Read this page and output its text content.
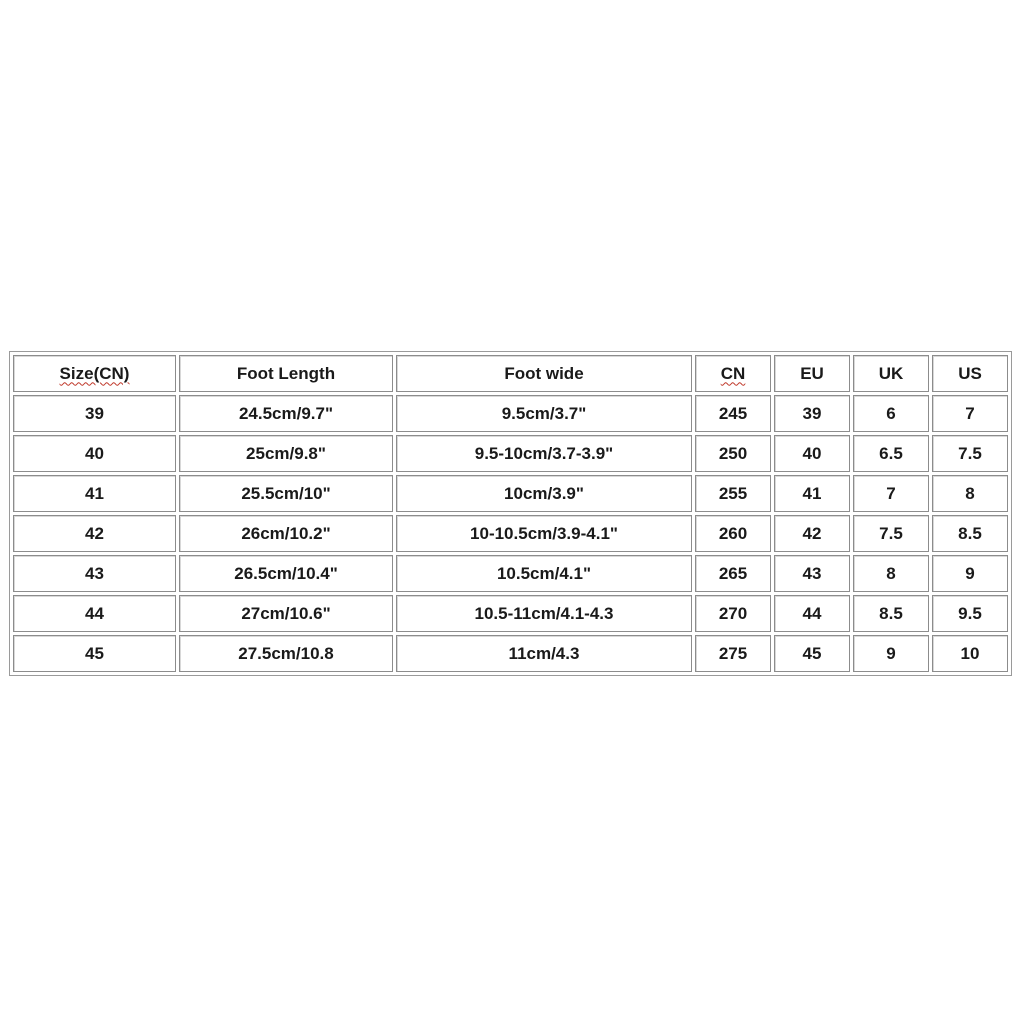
Size(CN)	Foot Length	Foot wide	CN	EU	UK	US
39	24.5cm/9.7"	9.5cm/3.7"	245	39	6	7
40	25cm/9.8"	9.5-10cm/3.7-3.9"	250	40	6.5	7.5
41	25.5cm/10"	10cm/3.9"	255	41	7	8
42	26cm/10.2"	10-10.5cm/3.9-4.1"	260	42	7.5	8.5
43	26.5cm/10.4"	10.5cm/4.1"	265	43	8	9
44	27cm/10.6"	10.5-11cm/4.1-4.3	270	44	8.5	9.5
45	27.5cm/10.8	11cm/4.3	275	45	9	10
